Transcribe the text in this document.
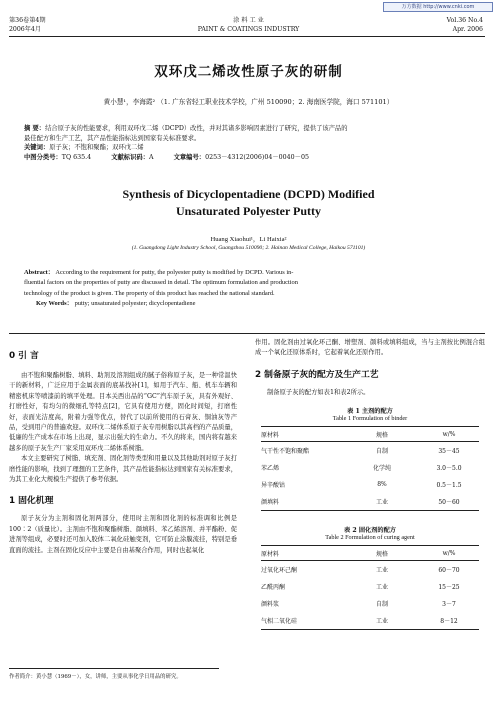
万方数据 http://www.cnki.com
第36卷第4期
2006年4月
涂 料 工 业
PAINT & COATINGS INDUSTRY
Vol.36 No.4
Apr. 2006
双环戊二烯改性原子灰的研制
黄小慧¹，李海霞² （1. 广东省轻工职业技术学校，广州 510090；2. 海南医学院，海口 571101）
摘 要：结合原子灰的性能要求，利用双环戊二烯（DCPD）改性，并对其诸多影响因素进行了研究，提供了该产品的
最佳配方和生产工艺，其产品性能指标达到国家有关标准要求。
关键词：原子灰；不饱和聚酯；双环戊二烯
中图分类号：TQ 635.4	文献标识码：A	文章编号：0253－4312(2006)04－0040－05
Synthesis of Dicyclopentadiene (DCPD) Modified
Unsaturated Polyester Putty
Huang Xiaohui¹，Li Haixia²
(1. Guangdong Light Industry School, Guangzhou 510090; 2. Hainan Medical College, Haikou 571101)
Abstract： According to the requirement for putty, the polyester putty is modified by DCPD. Various in-
fluential factors on the properties of putty are discussed in detail. The optimum formulation and production
technology of the product is given. The property of this product has reached the national standard.
Key Words： putty; unsaturated polyester; dicyclopentadiene
0 引 言

由不饱和聚酯树脂、填料、助剂及溶剂组成的腻子俗称原子灰，是一种常温快干的新材料，广泛应用于金属表面的底基找补[1]，如用于汽车、船、机车车辆和精密机床等喷漆前的填平处理。目本关西出品的“GC”汽车原子灰，具有外观好、打磨性好，有均匀的微细孔等特点[2]，它具有使用方便，固化时间短，打磨性好，表面光洁度高，附着力强等优点，替代了以前所使用的石膏灰、铜油灰等产品，受到用户的普遍欢迎。双环戊二烯体系原子灰专用树脂以其高档的产品质量，低廉的生产成本在市场上出现，显示出强大的生命力。不久的将来，国内将有越来越多的原子灰生产厂家采用双环戊二烯体系树脂。

本文主要研究了树脂、填充剂、固化剂等类型和用量以及其他助剂对原子灰打磨性能的影响，找到了理想的工艺条件，其产品性能指标达到国家有关标准要求，为其工业化大规模生产提供了参考依据。

1 固化机理

原子灰分为主剂和固化剂两部分，使用时主剂和固化剂的标准调和比例是100∶2（质量比）。主剂由不饱和聚酯树脂、颜填料、苯乙烯溶剂、并平酯粉、促进剂等组成，必要时还可加入胶体二氧化硅触变剂，它可防止涂膜流挂，特别是垂直面的流挂。主剂在固化反应中主要是自由基聚合作用，同时也起氧化

作用。固化剂由过氧化环己酮、增塑剂、颜料或填料组成，当与主剂按比例混合组成一个氧化还原体系时，它起着氧化还原作用。

2 制备原子灰的配方及生产工艺

制备原子灰的配方如表1和表2所示。

表 1 主剂的配方
Table 1 Formulation of binder
原材料	规格	w/%
气干性不饱和聚酯	自制	35－45
苯乙烯	化学纯	3.0－5.0
异辛酸钴	8%	0.5－1.5
颜填料	工业	50－60
表 2 固化剂的配方
Table 2 Formulation of curing agent
原材料	规格	w/%
过氧化环己酮	工业	60－70
乙酰丙酮	工业	15－25
颜料浆	自制	3－7
气相二氧化硅	工业	8－12
作者简介：黄小慧（1969－），女，讲师，主要从事化学日用品的研究。
